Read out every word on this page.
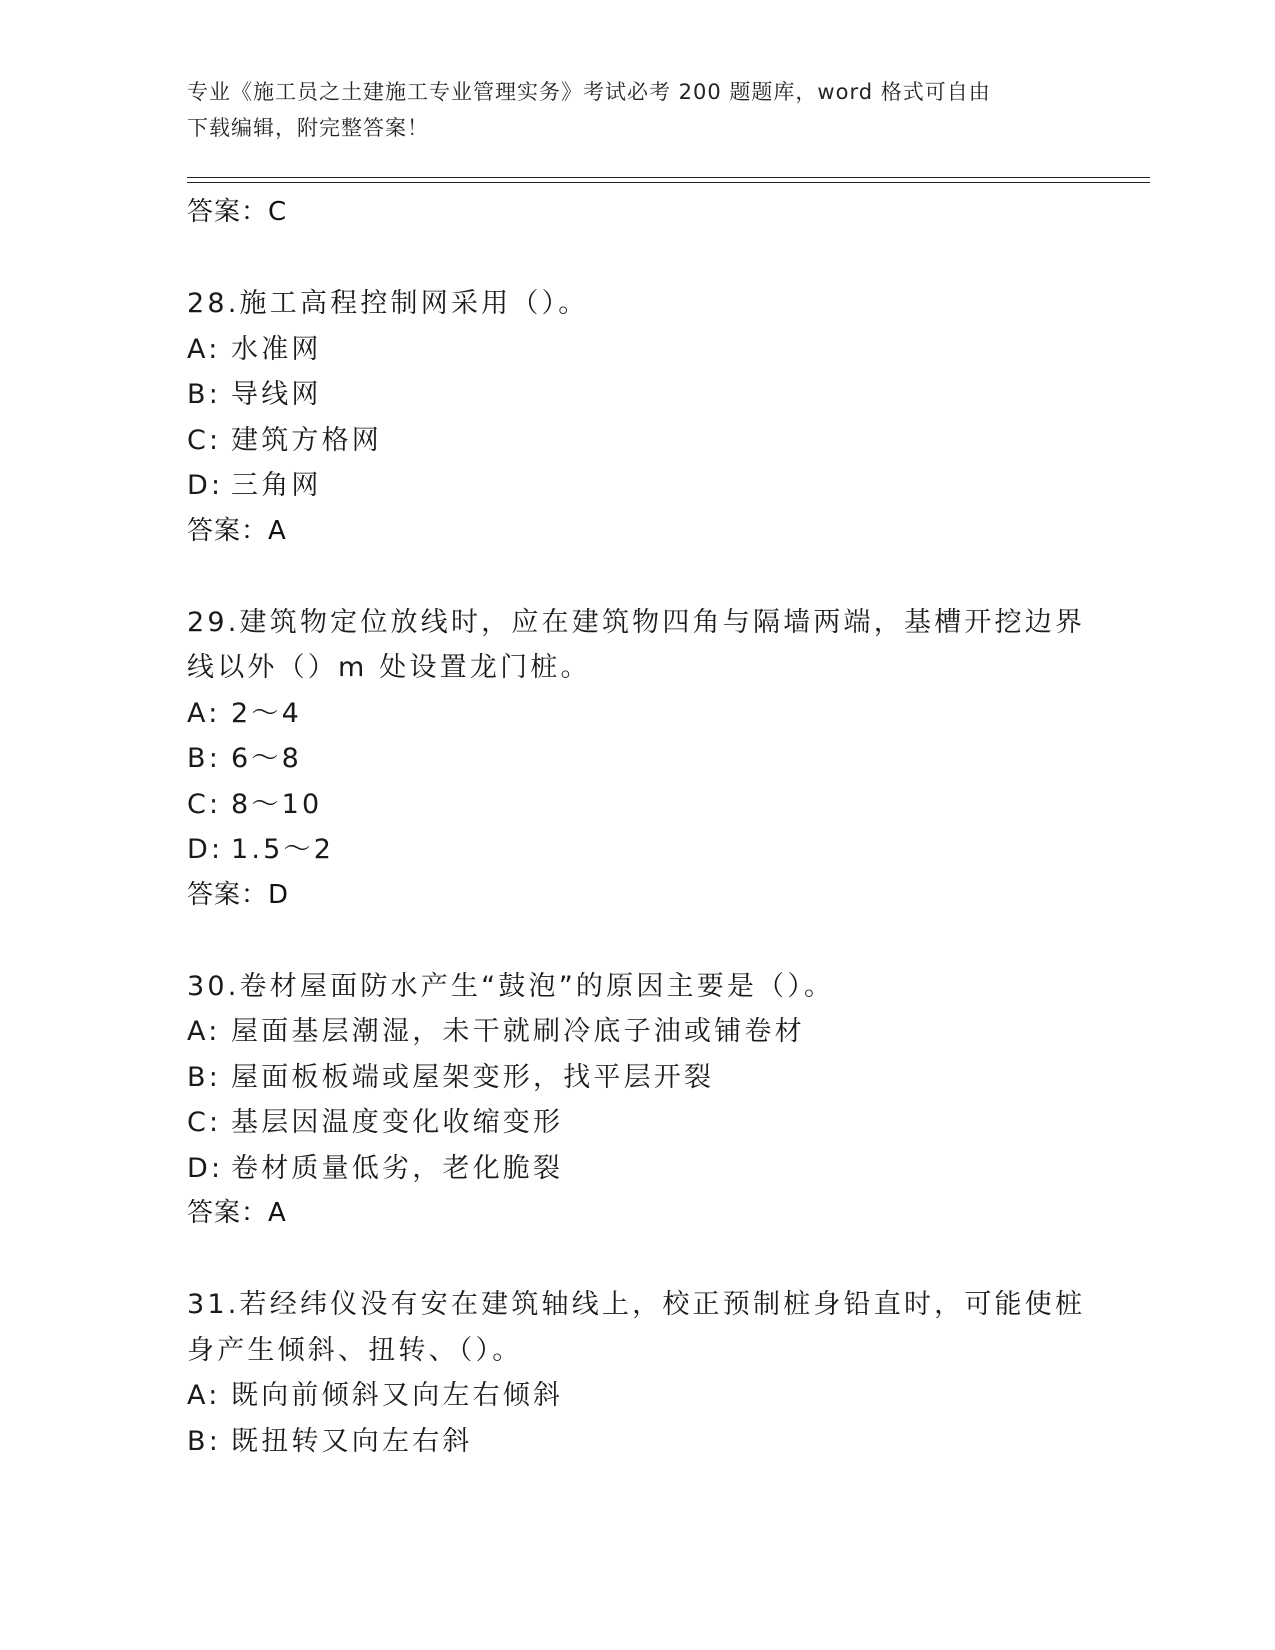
专业《施工员之土建施工专业管理实务》考试必考 200 题题库，word 格式可自由
下载编辑，附完整答案！
答案：C
28.施工高程控制网采用（）。
A: 水准网
B: 导线网
C: 建筑方格网
D: 三角网
答案：A
29.建筑物定位放线时，应在建筑物四角与隔墙两端，基槽开挖边界线以外（）m 处设置龙门桩。
A: 2～4
B: 6～8
C: 8～10
D: 1.5～2
答案：D
30.卷材屋面防水产生“鼓泡”的原因主要是（）。
A: 屋面基层潮湿，未干就刷冷底子油或铺卷材
B: 屋面板板端或屋架变形，找平层开裂
C: 基层因温度变化收缩变形
D: 卷材质量低劣，老化脆裂
答案：A
31.若经纬仪没有安在建筑轴线上，校正预制桩身铅直时，可能使桩身产生倾斜、扭转、（）。
A: 既向前倾斜又向左右倾斜
B: 既扭转又向左右斜
